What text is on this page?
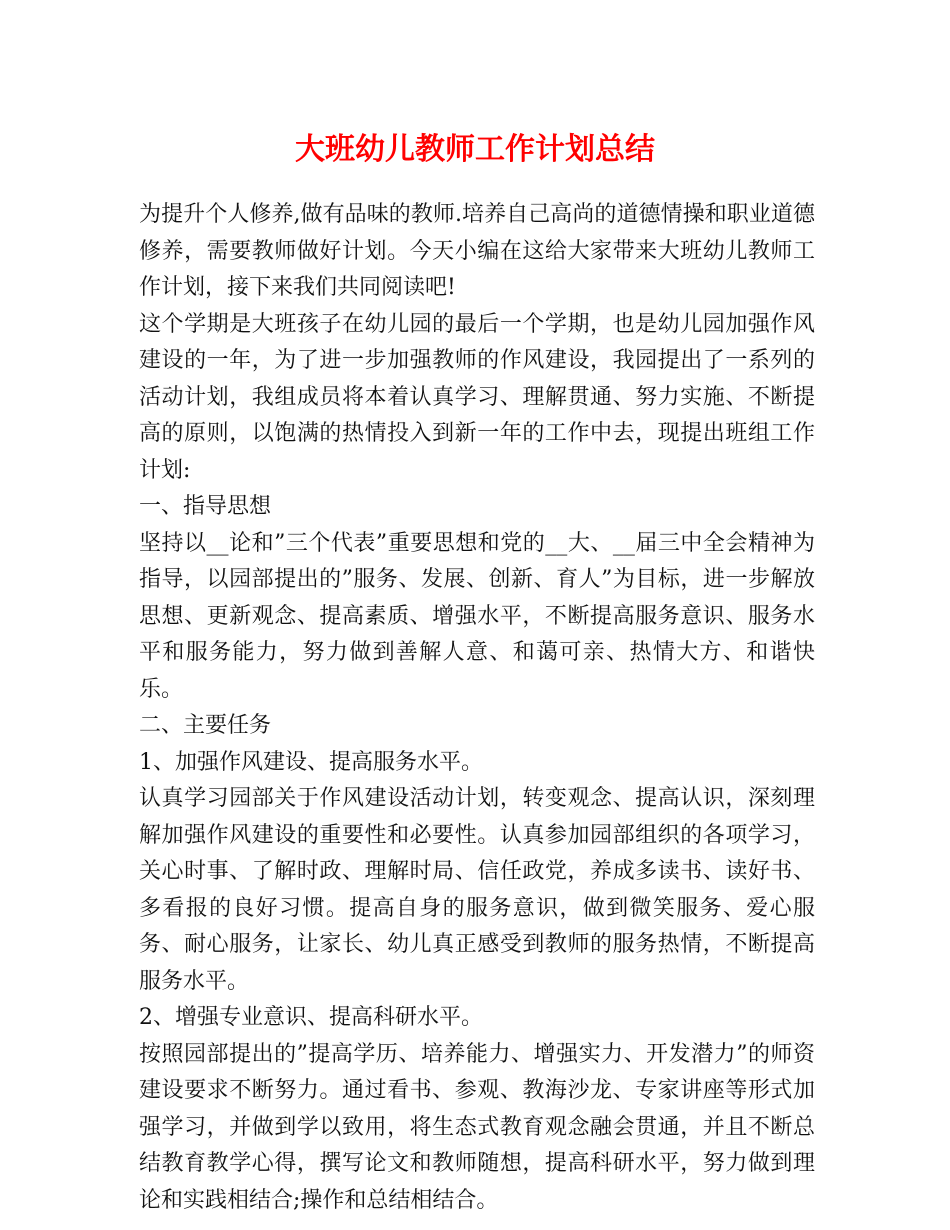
大班幼儿教师工作计划总结

为提升个人修养,做有品味的教师.培养自己高尚的道德情操和职业道德修养，需要教师做好计划。今天小编在这给大家带来大班幼儿教师工作计划，接下来我们共同阅读吧!

这个学期是大班孩子在幼儿园的最后一个学期，也是幼儿园加强作风建设的一年，为了进一步加强教师的作风建设，我园提出了一系列的活动计划，我组成员将本着认真学习、理解贯通、努力实施、不断提高的原则，以饱满的热情投入到新一年的工作中去，现提出班组工作计划:

一、指导思想

坚持以__论和”三个代表”重要思想和党的__大、__届三中全会精神为指导，以园部提出的”服务、发展、创新、育人”为目标，进一步解放思想、更新观念、提高素质、增强水平，不断提高服务意识、服务水平和服务能力，努力做到善解人意、和蔼可亲、热情大方、和谐快乐。

二、主要任务

1、加强作风建设、提高服务水平。

认真学习园部关于作风建设活动计划，转变观念、提高认识，深刻理解加强作风建设的重要性和必要性。认真参加园部组织的各项学习，关心时事、了解时政、理解时局、信任政党，养成多读书、读好书、多看报的良好习惯。提高自身的服务意识，做到微笑服务、爱心服务、耐心服务，让家长、幼儿真正感受到教师的服务热情，不断提高服务水平。

2、增强专业意识、提高科研水平。

按照园部提出的”提高学历、培养能力、增强实力、开发潜力”的师资建设要求不断努力。通过看书、参观、教海沙龙、专家讲座等形式加强学习，并做到学以致用，将生态式教育观念融会贯通，并且不断总结教育教学心得，撰写论文和教师随想，提高科研水平，努力做到理论和实践相结合;操作和总结相结合。
